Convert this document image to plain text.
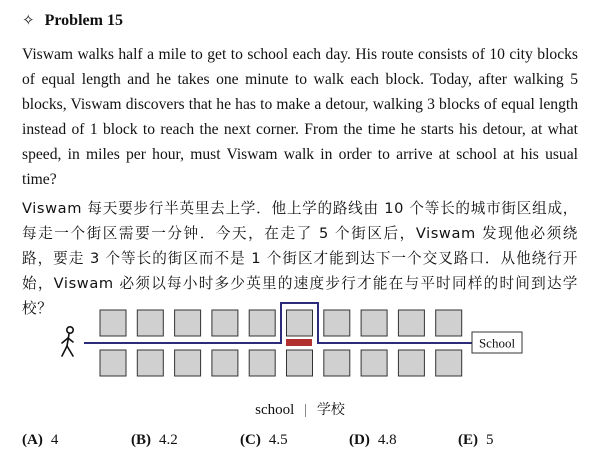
✧ Problem 15
Viswam walks half a mile to get to school each day. His route consists of 10 city blocks of equal length and he takes one minute to walk each block. Today, after walking 5 blocks, Viswam discovers that he has to make a detour, walking 3 blocks of equal length instead of 1 block to reach the next corner. From the time he starts his detour, at what speed, in miles per hour, must Viswam walk in order to arrive at school at his usual time?
Viswam 每天要步行半英里去上学．他上学的路线由 10 个等长的城市街区组成，每走一个街区需要一分钟．今天，在走了 5 个街区后，Viswam 发现他必须绕路，要走 3 个等长的街区而不是 1 个街区才能到达下一个交叉路口．从他绕行开始，Viswam 必须以每小时多少英里的速度步行才能在与平时同样的时间到达学校？
School
school | 学校
(A) 4	(B) 4.2	(C) 4.5	(D) 4.8	(E) 5
